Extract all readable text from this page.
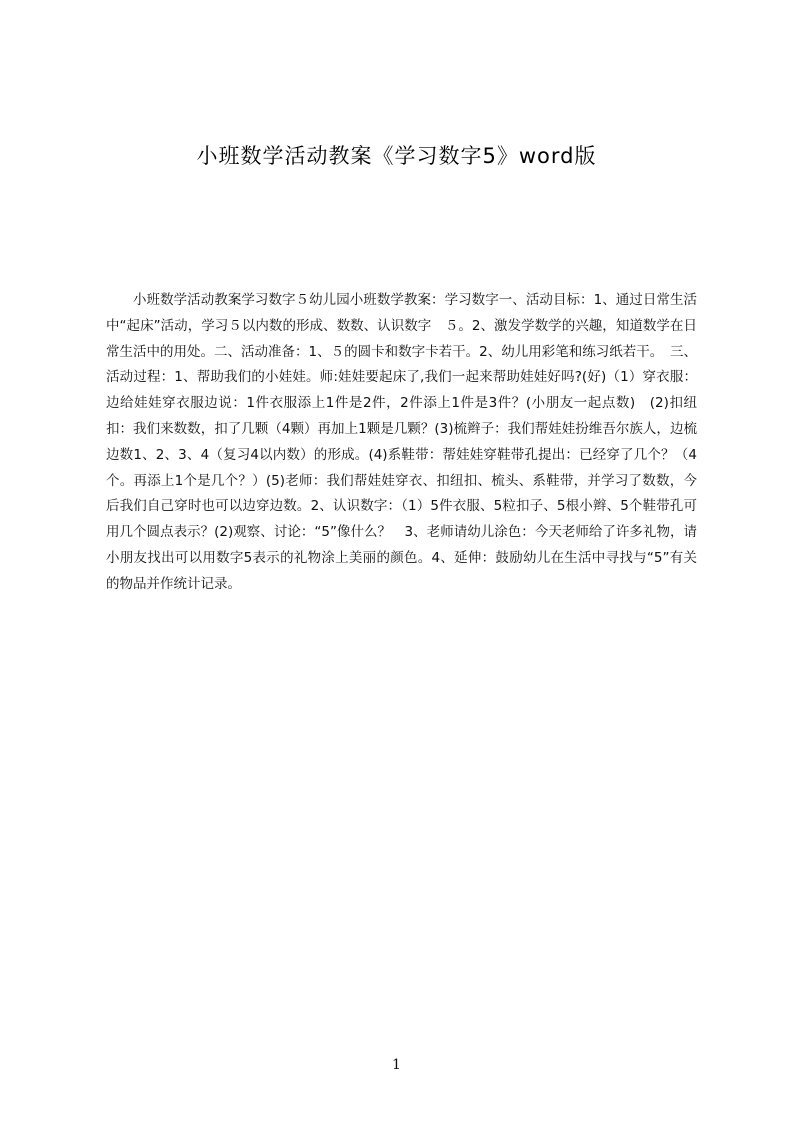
小班数学活动教案《学习数字5》word版
小班数学活动教案学习数字５幼儿园小班数学教案：学习数字一、活动目标：1、通过日常生活中“起床”活动，学习５以内数的形成、数数、认识数字　５。2、激发学数学的兴趣，知道数学在日常生活中的用处。二、活动准备：1、５的圆卡和数字卡若干。2、幼儿用彩笔和练习纸若干。　三、活动过程：1、帮助我们的小娃娃。师:娃娃要起床了,我们一起来帮助娃娃好吗?(好)（1）穿衣服：边给娃娃穿衣服边说：1件衣服添上1件是2件，2件添上1件是3件？(小朋友一起点数)　(2)扣纽扣：我们来数数，扣了几颗（4颗）再加上1颗是几颗？(3)梳辫子：我们帮娃娃扮维吾尔族人，边梳边数1、2、3、4（复习4以内数）的形成。(4)系鞋带：帮娃娃穿鞋带孔提出：已经穿了几个？（4个。再添上1个是几个？）(5)老师：我们帮娃娃穿衣、扣纽扣、梳头、系鞋带，并学习了数数，今后我们自己穿时也可以边穿边数。2、认识数字：（1）5件衣服、5粒扣子、5根小辫、5个鞋带孔可用几个圆点表示？(2)观察、讨论：“5”像什么？　3、老师请幼儿涂色：今天老师给了许多礼物，请小朋友找出可以用数字5表示的礼物涂上美丽的颜色。4、延伸：鼓励幼儿在生活中寻找与“5”有关的物品并作统计记录。
1
